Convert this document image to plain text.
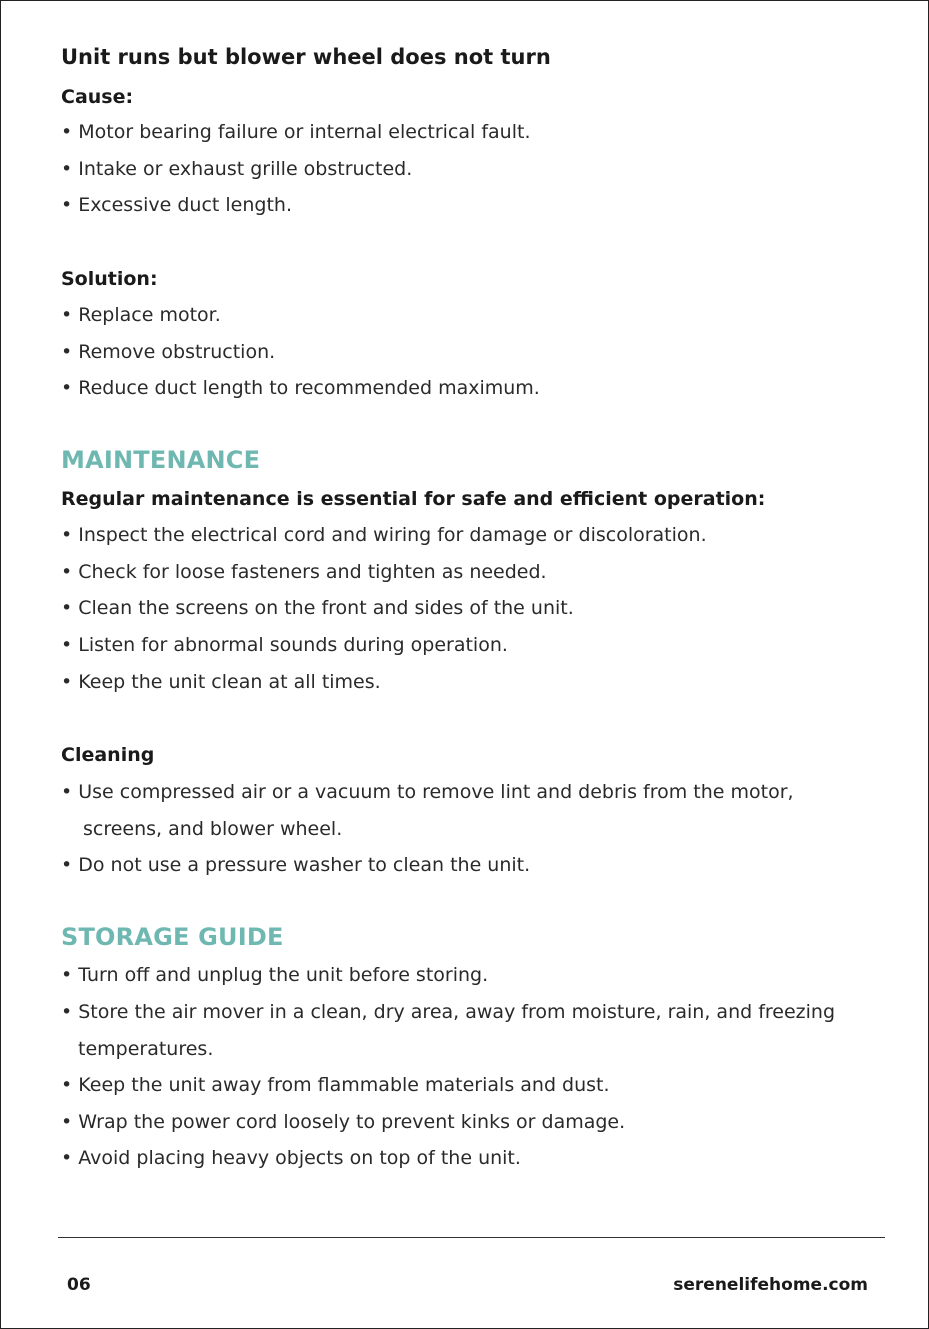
Unit runs but blower wheel does not turn

Cause:

• Motor bearing failure or internal electrical fault.

• Intake or exhaust grille obstructed.

• Excessive duct length.

Solution:

• Replace motor.

• Remove obstruction.

• Reduce duct length to recommended maximum.

MAINTENANCE

Regular maintenance is essential for safe and efficient operation:

• Inspect the electrical cord and wiring for damage or discoloration.

• Check for loose fasteners and tighten as needed.

• Clean the screens on the front and sides of the unit.

• Listen for abnormal sounds during operation.

• Keep the unit clean at all times.

Cleaning

• Use compressed air or a vacuum to remove lint and debris from the motor,

screens, and blower wheel.

• Do not use a pressure washer to clean the unit.

STORAGE GUIDE

• Turn off and unplug the unit before storing.

• Store the air mover in a clean, dry area, away from moisture, rain, and freezing

temperatures.

• Keep the unit away from flammable materials and dust.

• Wrap the power cord loosely to prevent kinks or damage.

• Avoid placing heavy objects on top of the unit.

06	serenelifehome.com
